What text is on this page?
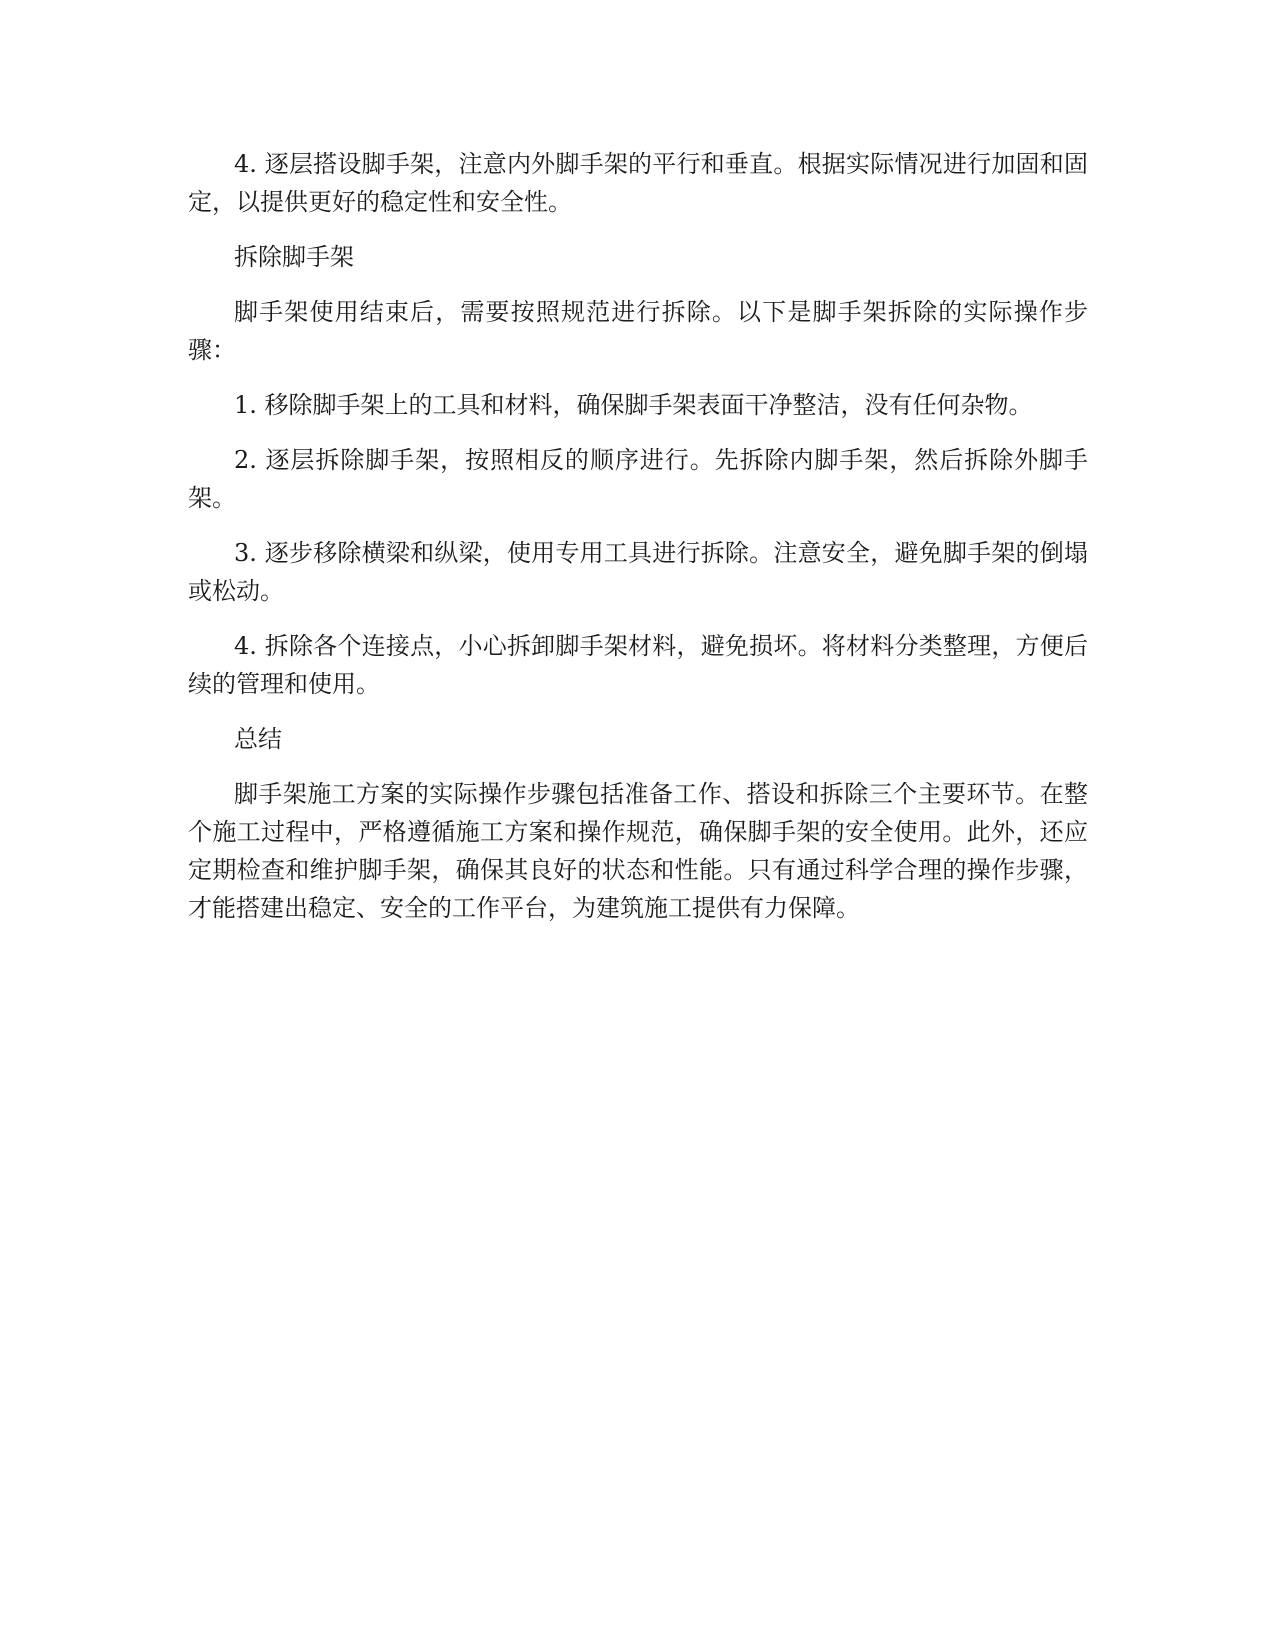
4. 逐层搭设脚手架，注意内外脚手架的平行和垂直。根据实际情况进行加固和固定，以提供更好的稳定性和安全性。

拆除脚手架

脚手架使用结束后，需要按照规范进行拆除。以下是脚手架拆除的实际操作步骤：

1. 移除脚手架上的工具和材料，确保脚手架表面干净整洁，没有任何杂物。

2. 逐层拆除脚手架，按照相反的顺序进行。先拆除内脚手架，然后拆除外脚手架。

3. 逐步移除横梁和纵梁，使用专用工具进行拆除。注意安全，避免脚手架的倒塌或松动。

4. 拆除各个连接点，小心拆卸脚手架材料，避免损坏。将材料分类整理，方便后续的管理和使用。

总结

脚手架施工方案的实际操作步骤包括准备工作、搭设和拆除三个主要环节。在整个施工过程中，严格遵循施工方案和操作规范，确保脚手架的安全使用。此外，还应定期检查和维护脚手架，确保其良好的状态和性能。只有通过科学合理的操作步骤，才能搭建出稳定、安全的工作平台，为建筑施工提供有力保障。
